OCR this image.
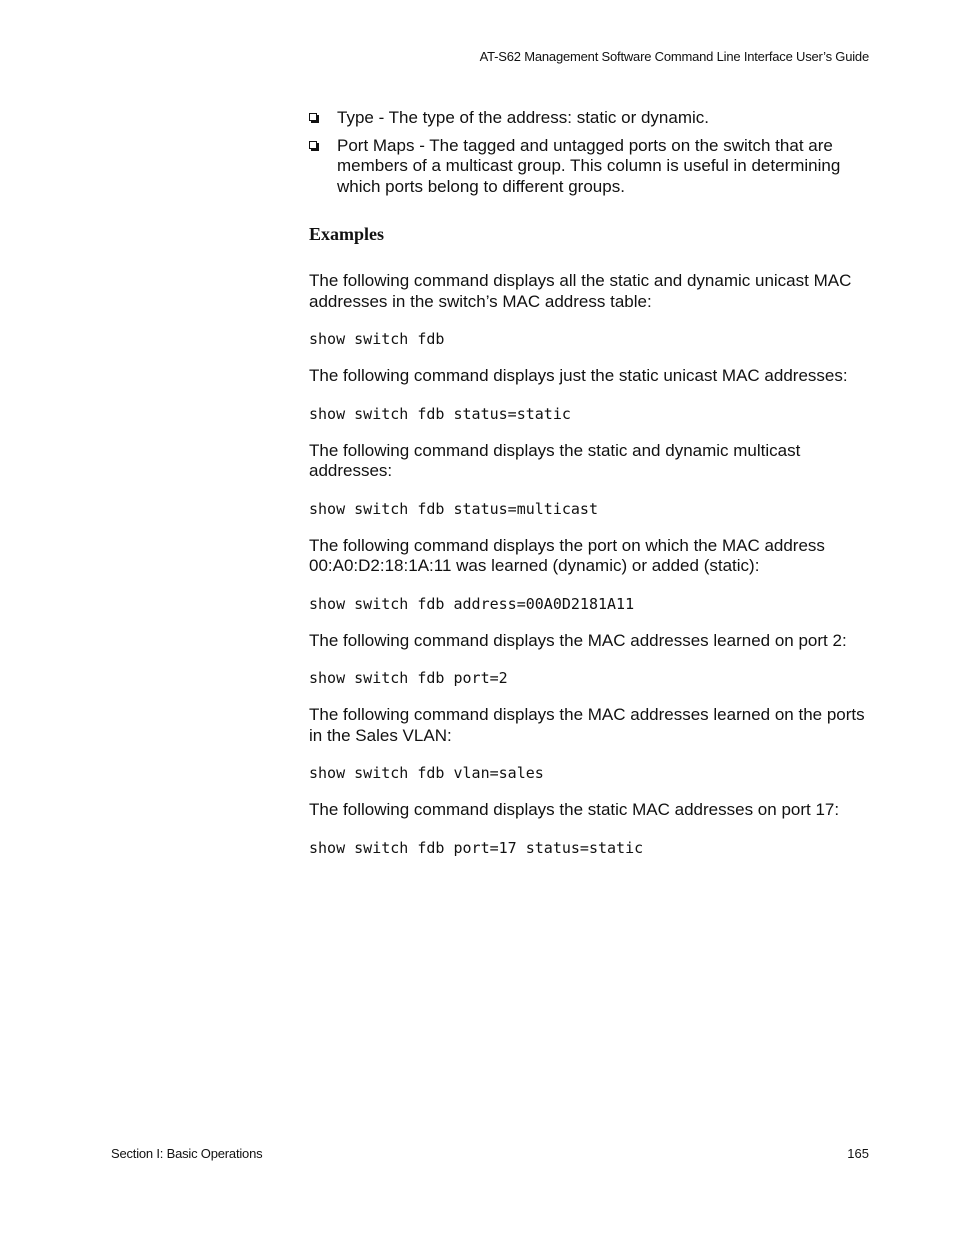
AT-S62 Management Software Command Line Interface User’s Guide
Type - The type of the address: static or dynamic.
Port Maps - The tagged and untagged ports on the switch that are members of a multicast group. This column is useful in determining which ports belong to different groups.
Examples

The following command displays all the static and dynamic unicast MAC addresses in the switch’s MAC address table:

show switch fdb

The following command displays just the static unicast MAC addresses:

show switch fdb status=static

The following command displays the static and dynamic multicast addresses:

show switch fdb status=multicast

The following command displays the port on which the MAC address 00:A0:D2:18:1A:11 was learned (dynamic) or added (static):

show switch fdb address=00A0D2181A11

The following command displays the MAC addresses learned on port 2:

show switch fdb port=2

The following command displays the MAC addresses learned on the ports in the Sales VLAN:

show switch fdb vlan=sales

The following command displays the static MAC addresses on port 17:

show switch fdb port=17 status=static
Section I: Basic Operations	165
